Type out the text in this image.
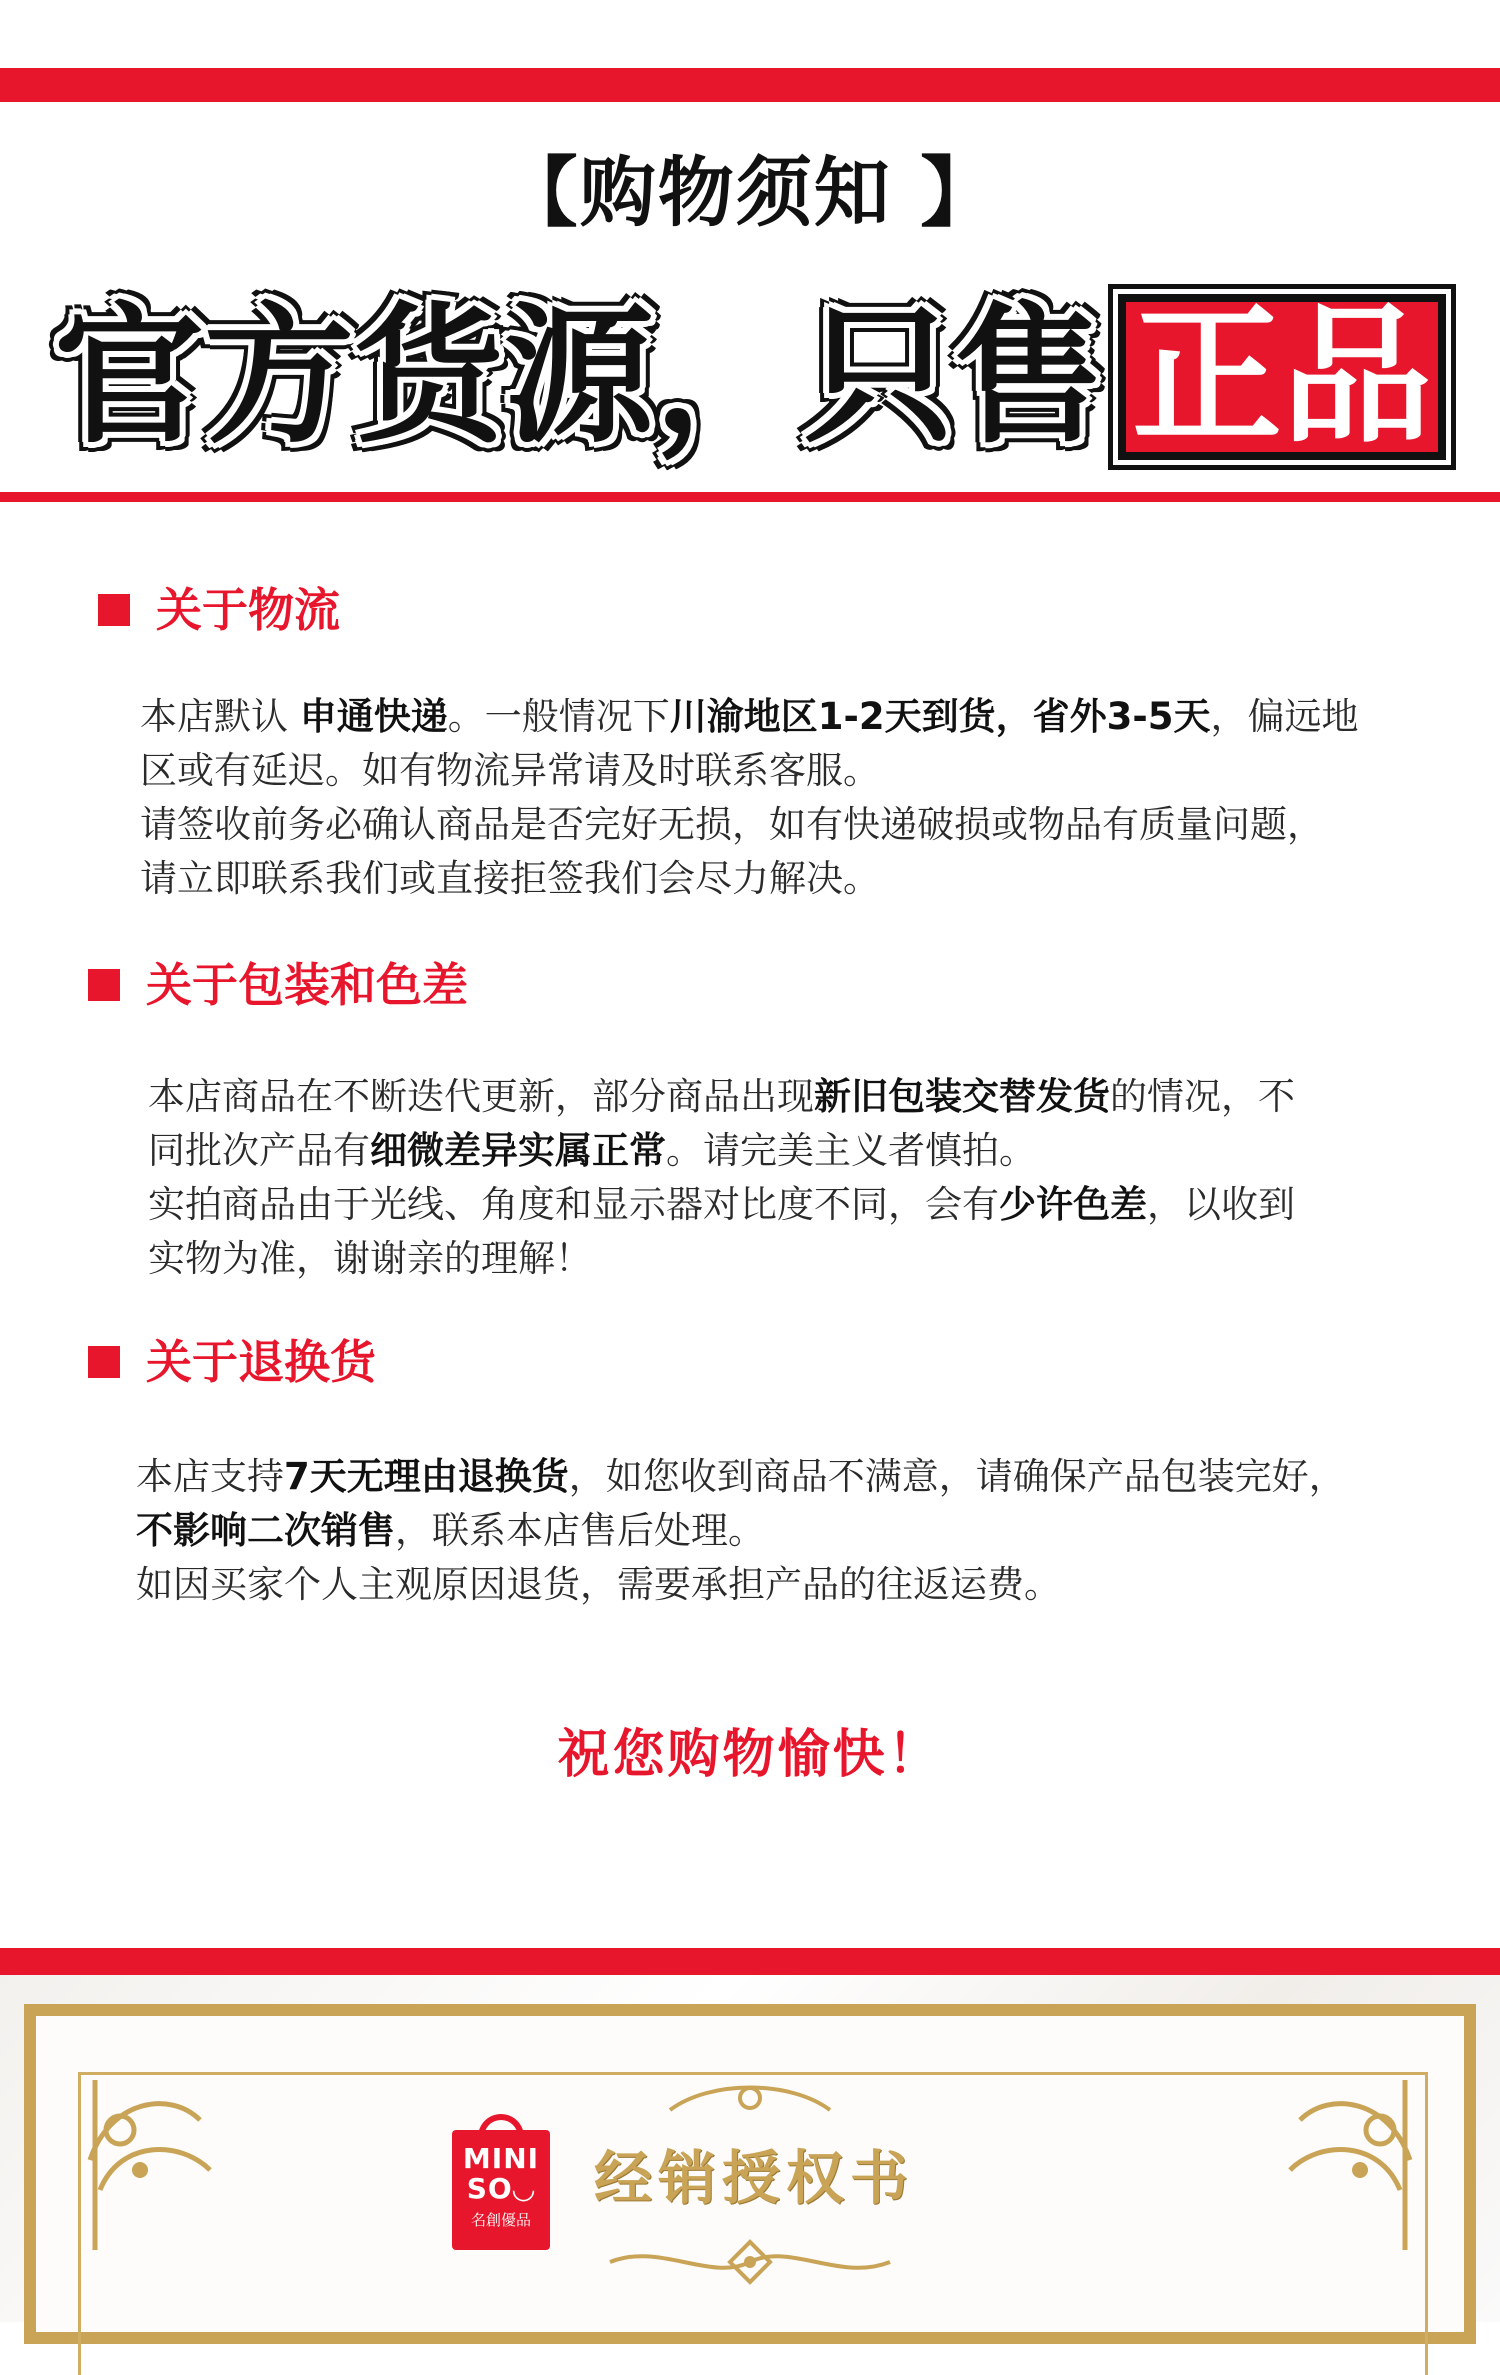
【购物须知 】
官方货源，只售 正品
关于物流
本店默认 申通快递。一般情况下川渝地区1-2天到货，省外3-5天，偏远地
区或有延迟。如有物流异常请及时联系客服。
请签收前务必确认商品是否完好无损，如有快递破损或物品有质量问题，
请立即联系我们或直接拒签我们会尽力解决。
关于包装和色差
本店商品在不断迭代更新，部分商品出现新旧包装交替发货的情况，不
同批次产品有细微差异实属正常。请完美主义者慎拍。
实拍商品由于光线、角度和显示器对比度不同，会有少许色差，以收到
实物为准，谢谢亲的理解！
关于退换货
本店支持7天无理由退换货，如您收到商品不满意，请确保产品包装完好，
不影响二次销售，联系本店售后处理。
如因买家个人主观原因退货，需要承担产品的往返运费。
祝您购物愉快！
MINI
SO◡
名創優品
经销授权书
